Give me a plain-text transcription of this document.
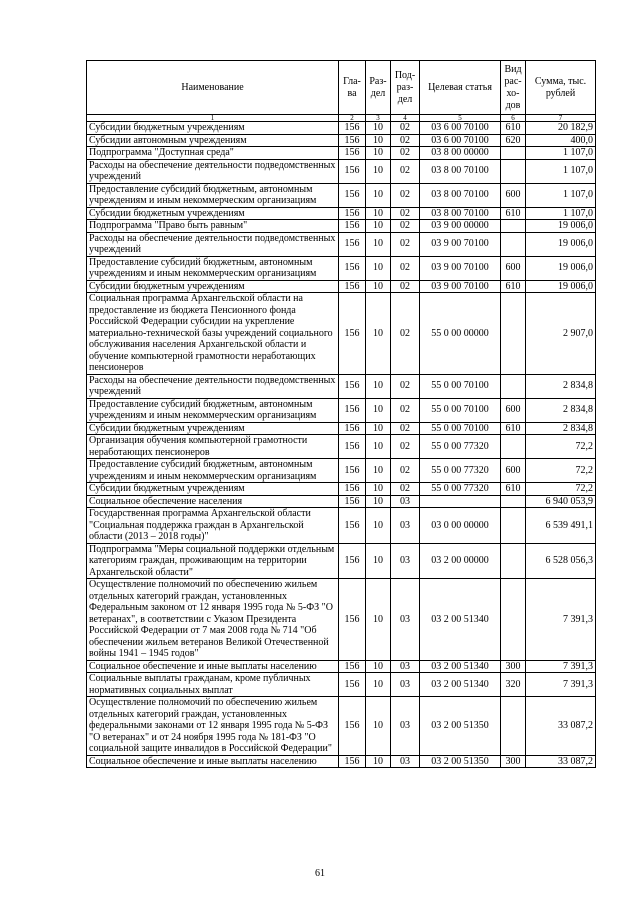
Наименование	Гла-ва	Раз-дел	Под-раз-дел	Целевая статья	Вид рас-хо-дов	Сумма, тыс. рублей
1	2	3	4	5	6	7
Субсидии бюджетным учреждениям	156	10	02	03 6 00 70100	610	20 182,9
Субсидии автономным учреждениям	156	10	02	03 6 00 70100	620	400,0
Подпрограмма "Доступная среда"	156	10	02	03 8 00 00000		1 107,0
Расходы на обеспечение деятельности подведомственных учреждений	156	10	02	03 8 00 70100		1 107,0
Предоставление субсидий бюджетным, автономным учреждениям и иным некоммерческим организациям	156	10	02	03 8 00 70100	600	1 107,0
Субсидии бюджетным учреждениям	156	10	02	03 8 00 70100	610	1 107,0
Подпрограмма "Право быть равным"	156	10	02	03 9 00 00000		19 006,0
Расходы на обеспечение деятельности подведомственных учреждений	156	10	02	03 9 00 70100		19 006,0
Предоставление субсидий бюджетным, автономным учреждениям и иным некоммерческим организациям	156	10	02	03 9 00 70100	600	19 006,0
Субсидии бюджетным учреждениям	156	10	02	03 9 00 70100	610	19 006,0
Социальная программа Архангельской области на предоставление из бюджета Пенсионного фонда Российской Федерации субсидии на укрепление материально-технической базы учреждений социального обслуживания населения Архангельской области и обучение компьютерной грамотности неработающих пенсионеров	156	10	02	55 0 00 00000		2 907,0
Расходы на обеспечение деятельности подведомственных учреждений	156	10	02	55 0 00 70100		2 834,8
Предоставление субсидий бюджетным, автономным учреждениям и иным некоммерческим организациям	156	10	02	55 0 00 70100	600	2 834,8
Субсидии бюджетным учреждениям	156	10	02	55 0 00 70100	610	2 834,8
Организация обучения компьютерной грамотности неработающих пенсионеров	156	10	02	55 0 00 77320		72,2
Предоставление субсидий бюджетным, автономным учреждениям и иным некоммерческим организациям	156	10	02	55 0 00 77320	600	72,2
Субсидии бюджетным учреждениям	156	10	02	55 0 00 77320	610	72,2
Социальное обеспечение населения	156	10	03			6 940 053,9
Государственная программа Архангельской области "Социальная поддержка граждан в Архангельской области (2013 – 2018 годы)"	156	10	03	03 0 00 00000		6 539 491,1
Подпрограмма "Меры социальной поддержки отдельным категориям граждан, проживающим на территории Архангельской области"	156	10	03	03 2 00 00000		6 528 056,3
Осуществление полномочий по обеспечению жильем отдельных категорий граждан, установленных Федеральным законом от 12 января 1995 года № 5-ФЗ "О ветеранах", в соответствии с Указом Президента Российской Федерации от 7 мая 2008 года № 714 "Об обеспечении жильем ветеранов Великой Отечественной войны 1941 – 1945 годов"	156	10	03	03 2 00 51340		7 391,3
Социальное обеспечение и иные выплаты населению	156	10	03	03 2 00 51340	300	7 391,3
Социальные выплаты гражданам, кроме публичных нормативных социальных выплат	156	10	03	03 2 00 51340	320	7 391,3
Осуществление полномочий по обеспечению жильем отдельных категорий граждан, установленных федеральными законами от 12 января 1995 года № 5-ФЗ "О ветеранах" и от 24 ноября 1995 года № 181-ФЗ "О социальной защите инвалидов в Российской Федерации"	156	10	03	03 2 00 51350		33 087,2
Социальное обеспечение и иные выплаты населению	156	10	03	03 2 00 51350	300	33 087,2
61
